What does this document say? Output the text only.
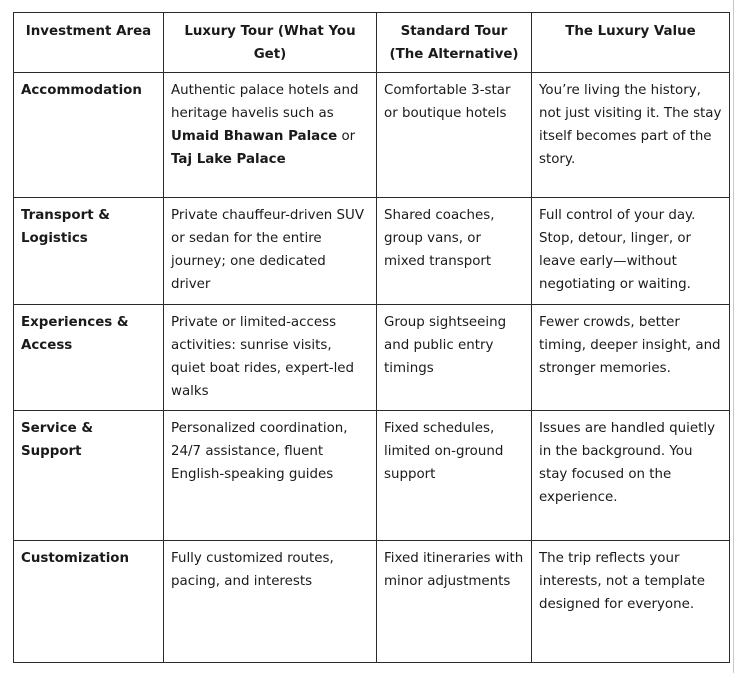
Investment Area	Luxury Tour (What You Get)	Standard Tour (The Alternative)	The Luxury Value
Accommodation	Authentic palace hotels and heritage havelis such as Umaid Bhawan Palace or Taj Lake Palace	Comfortable 3-star or boutique hotels	You’re living the history, not just visiting it. The stay itself becomes part of the story.
Transport & Logistics	Private chauffeur-driven SUV or sedan for the entire journey; one dedicated driver	Shared coaches, group vans, or mixed transport	Full control of your day. Stop, detour, linger, or leave early—without negotiating or waiting.
Experiences & Access	Private or limited-access activities: sunrise visits, quiet boat rides, expert-led walks	Group sightseeing and public entry timings	Fewer crowds, better timing, deeper insight, and stronger memories.
Service & Support	Personalized coordination, 24/7 assistance, fluent English-speaking guides	Fixed schedules, limited on-ground support	Issues are handled quietly in the background. You stay focused on the experience.
Customization	Fully customized routes, pacing, and interests	Fixed itineraries with minor adjustments	The trip reflects your interests, not a template designed for everyone.
